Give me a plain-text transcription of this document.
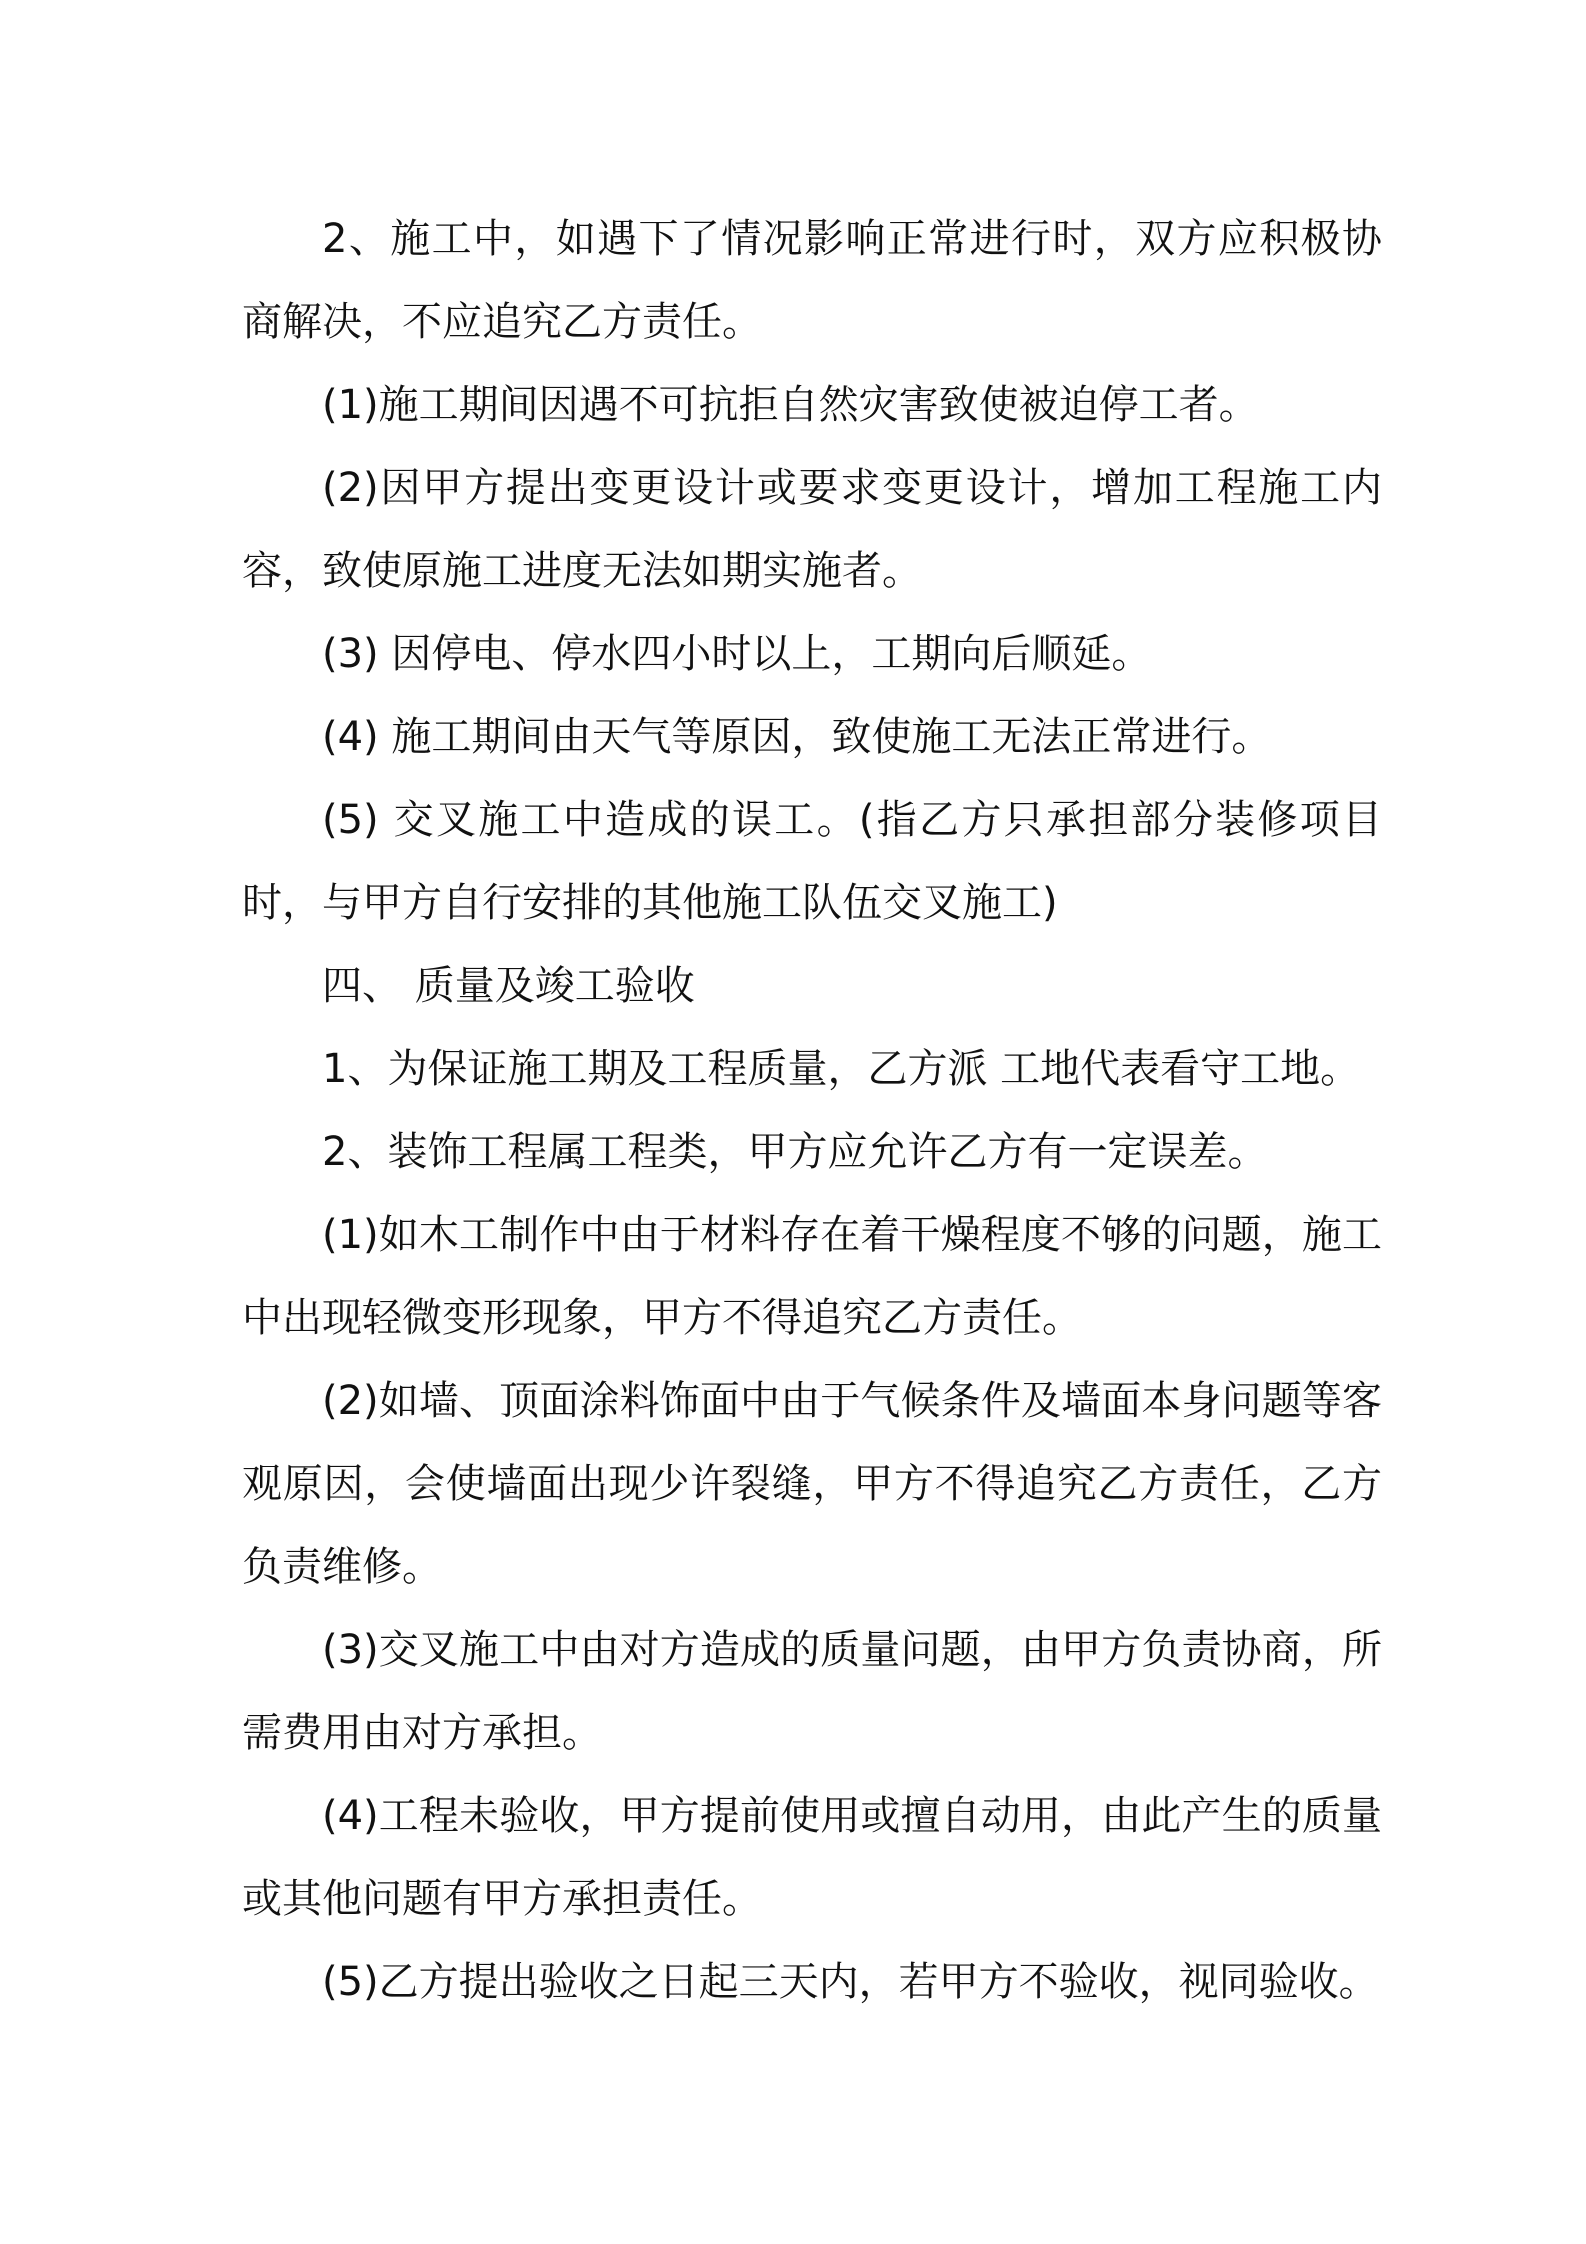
2、施工中，如遇下了情况影响正常进行时，双方应积极协商解决，不应追究乙方责任。

(1)施工期间因遇不可抗拒自然灾害致使被迫停工者。

(2)因甲方提出变更设计或要求变更设计，增加工程施工内容，致使原施工进度无法如期实施者。

(3) 因停电、停水四小时以上，工期向后顺延。

(4) 施工期间由天气等原因，致使施工无法正常进行。

(5) 交叉施工中造成的误工。(指乙方只承担部分装修项目时，与甲方自行安排的其他施工队伍交叉施工)

四、 质量及竣工验收

1、为保证施工期及工程质量，乙方派 工地代表看守工地。

2、装饰工程属工程类，甲方应允许乙方有一定误差。

(1)如木工制作中由于材料存在着干燥程度不够的问题，施工中出现轻微变形现象，甲方不得追究乙方责任。

(2)如墙、顶面涂料饰面中由于气候条件及墙面本身问题等客观原因，会使墙面出现少许裂缝，甲方不得追究乙方责任，乙方负责维修。

(3)交叉施工中由对方造成的质量问题，由甲方负责协商，所需费用由对方承担。

(4)工程未验收，甲方提前使用或擅自动用，由此产生的质量或其他问题有甲方承担责任。

(5)乙方提出验收之日起三天内，若甲方不验收，视同验收。
